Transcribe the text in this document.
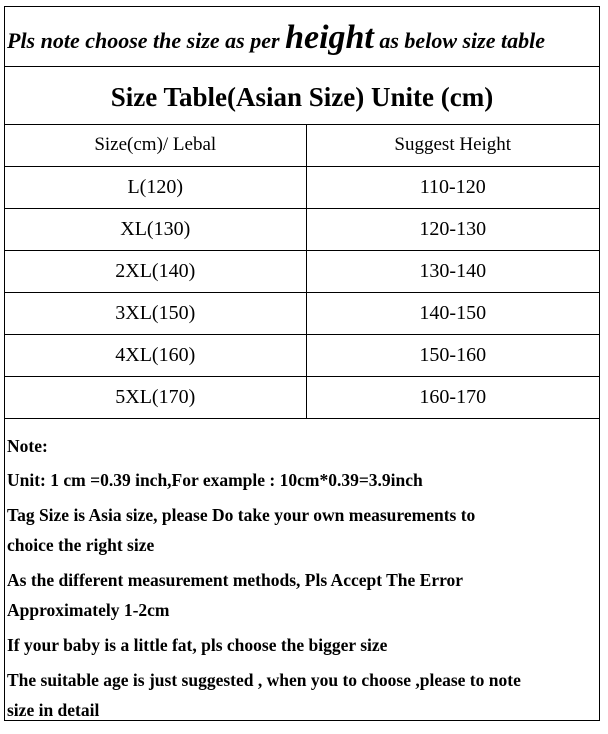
Pls note choose the size as per height as below size table
Size Table(Asian Size) Unite (cm)
Size(cm)/ Lebal	Suggest Height
L(120)	110-120
XL(130)	120-130
2XL(140)	130-140
3XL(150)	140-150
4XL(160)	150-160
5XL(170)	160-170

Note:

Unit: 1 cm =0.39 inch,For example : 10cm*0.39=3.9inch

Tag Size is Asia size, please Do take your own measurements to

choice the right size

As the different measurement methods, Pls Accept The Error

Approximately 1-2cm

If your baby is a little fat, pls choose the bigger size

The suitable age is just suggested , when you to choose ,please to note

size in detail
